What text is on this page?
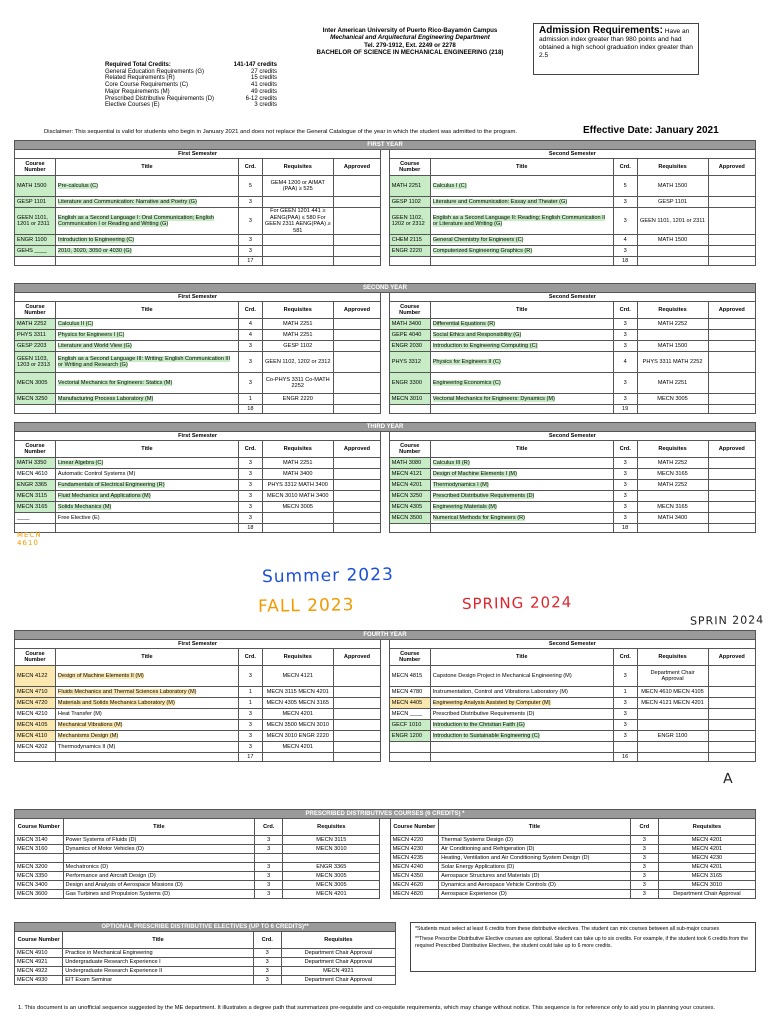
Inter American University of Puerto Rico-Bayamón Campus
Mechanical and Arquitectural Engineering Department
Tel. 279-1912, Ext. 2249 or 2278
BACHELOR OF SCIENCE IN MECHANICAL ENGINEERING (218)
Admission Requirements: Have an admission index greater than 980 points and had obtained a high school graduation index greater than 2.5
Required Total Credits:	141-147 credits
General Education Requirements (G)	27 credits
Related Requirements (R)	15 credits
Core Course Requirements (C)	41 credits
Major Requirements (M)	49 credits
Prescribed Distributive Requirements (D)	6-12 credits
Elective Courses (E)	3 credits
Disclaimer: This sequential is valid for students who begin in January 2021 and does not replace the General Catalogue of the year in which the student was admitted to the program.	Effective Date: January 2021
FIRST YEAR										
First Semester						Second Semester				
Course Number	Title	Crd.	Requisites	Approved		Course Number	Title	Crd.	Requisites	Approved
MATH 1500	Pre-calculus (C)	5	GEM4 1200 or AIMAT (PAA) ≥ 525			MATH 2251	Calculus I (C)	5	MATH 1500	
GESP 1101	Literature and Communication: Narrative and Poetry (G)	3				GESP 1102	Literature and Communication: Essay and Theater (G)	3	GESP 1101	
GEEN 1101, 1201 or 2311	English as a Second Language I: Oral Communication; English Communication I or Reading and Writing (G)	3	For GEEN 1201 441 ≥ AENG(PAA) ≤ 580 For GEEN 2311 AENG(PAA) ≥ 581			GEEN 1102, 1202 or 2312	English as a Second Language II: Reading; English Communication II or Literature and Writing (G)	3	GEEN 1101, 1201 or 2311	
ENGR 1100	Introduction to Engineering (C)	3				CHEM 2115	General Chemistry for Engineers (C)	4	MATH 1500	
GEHS ____	2010, 3020, 3050 or 4030 (G)	3				ENGR 2220	Computerized Engineering Graphics (R)	3		
		17						18		
SECOND YEAR										
First Semester						Second Semester				
Course Number	Title	Crd.	Requisites	Approved		Course Number	Title	Crd.	Requisites	Approved
MATH 2252	Calculus II (C)	4	MATH 2251			MATH 3400	Differential Equations (R)	3	MATH 2252	
PHYS 3311	Physics for Engineers I (C)	4	MATH 2251			GEPE 4040	Social Ethics and Responsibility (G)	3		
GESP 2203	Literature and World View (G)	3	GESP 1102			ENGR 2030	Introduction to Engineering Computing (C)	3	MATH 1500	
GEEN 1103, 1203 or 2313	English as a Second Language III: Writing; English Communication III or Writing and Research (G)	3	GEEN 1102, 1202 or 2312			PHYS 3312	Physics for Engineers II (C)	4	PHYS 3311 MATH 2252	
MECN 3005	Vectorial Mechanics for Engineers: Statics (M)	3	Co-PHYS 3311 Co-MATH 2252			ENGR 3300	Engineering Economics (C)	3	MATH 2251	
MECN 3250	Manufacturing Process Laboratory (M)	1	ENGR 2220			MECN 3010	Vectorial Mechanics for Engineers: Dynamics (M)	3	MECN 3005	
		18						19		
THIRD YEAR										
First Semester						Second Semester				
Course Number	Title	Crd.	Requisites	Approved		Course Number	Title	Crd.	Requisites	Approved
MATH 3350	Linear Algebra (C)	3	MATH 2251			MATH 3080	Calculus III (R)	3	MATH 2252	
MECN 4610	Automatic Control Systems (M)	3	MATH 3400			MECN 4121	Design of Machine Elements I (M)	3	MECN 3165	
ENGR 3365	Fundamentals of Electrical Engineering (R)	3	PHYS 3312 MATH 3400			MECN 4201	Thermodynamics I (M)	3	MATH 2252	
MECN 3115	Fluid Mechanics and Applications (M)	3	MECN 3010 MATH 3400			MECN 3250	Prescribed Distributive Requirements (D)	3		
MECN 3165	Solids Mechanics (M)	3	MECN 3005			MECN 4305	Engineering Materials (M)	3	MECN 3165	
____	Free Elective (E)	3				MECN 3500	Numerical Methods for Engineers (R)	3	MATH 3400	
		18						18		
FOURTH YEAR										
First Semester						Second Semester				
Course Number	Title	Crd.	Requisites	Approved		Course Number	Title	Crd.	Requisites	Approved
MECN 4122	Design of Machine Elements II (M)	3	MECN 4121			MECN 4815	Capstone Design Project in Mechanical Engineering (M)	3	Department Chair Approval	
MECN 4710	Fluids Mechanics and Thermal Sciences Laboratory (M)	1	MECN 3115 MECN 4201			MECN 4780	Instrumentation, Control and Vibrations Laboratory (M)	1	MECN 4610 MECN 4105	
MECN 4720	Materials and Solids Mechanics Laboratory (M)	1	MECN 4305 MECN 3165			MECN 4405	Engineering Analysis Assisted by Computer (M)	3	MECN 4121 MECN 4201	
MECN 4210	Heat Transfer (M)	3	MECN 4201			MECN ____	Prescribed Distributive Requirements (D)	3		
MECN 4105	Mechanical Vibrations (M)	3	MECN 3500 MECN 3010			GECF 1010	Introduction to the Christian Faith (G)	3		
MECN 4110	Mechanisms Design (M)	3	MECN 3010 ENGR 2220			ENGR 1200	Introduction to Sustainable Engineering (C)	3	ENGR 1100	
MECN 4202	Thermodynamics II (M)	3	MECN 4201							
		17						16		
Summer 2023
FALL 2023	SPRING 2024
SPRIN 2024
MECN 4610
A
PRESCRIBED DISTRIBUTIVES COURSES (6 CREDITS) *								
Course Number	Title	Crd.	Requisites		Course Number	Title	Crd	Requisites
MECN 3140	Power Systems of Fluids (D)	3	MECN 3115		MECN 4220	Thermal Systems Design (D)	3	MECN 4201
MECN 3160	Dynamics of Motor Vehicles (D)	3	MECN 3010		MECN 4230	Air Conditioning and Refrigeration (D)	3	MECN 4201
					MECN 4235	Heating, Ventilation and Air Conditioning System Design (D)	3	MECN 4230
MECN 3200	Mechatronics (D)	3	ENGR 3365		MECN 4240	Solar Energy Applications (D)	3	MECN 4201
MECN 3350	Performance and Aircraft Design (D)	3	MECN 3005		MECN 4350	Aerospace Structures and Materials (D)	3	MECN 3165
MECN 3400	Design and Analysis of Aerospace Missions (D)	3	MECN 3005		MECN 4620	Dynamics and Aerospace Vehicle Controls (D)	3	MECN 3010
MECN 3600	Gas Turbines and Propulsion Systems (D)	3	MECN 4201		MECN 4820	Aerospace Experience (D)	3	Department Chair Approval
OPTIONAL PRESCRIBE DISTRIBUTIVE ELECTIVES (UP TO 6 CREDITS)**			
Course Number	Title	Crd.	Requisites
MECN 4910	Practice in Mechanical Engineering	3	Department Chair Approval
MECN 4921	Undergraduate Research Experience I	3	Department Chair Approval
MECN 4922	Undergraduate Research Experience II	3	MECN 4921
MECN 4930	EIT Exam Seminar	3	Department Chair Approval
*Students must select at least 6 credits from these distributive electives. The student can mix courses between all sub-major courses
**These Prescribe Distributive Elective courses are optional. Student can take up to six credits. For example, if the student took 6 credits from the required Prescribed Distributive Electives, the student could take up to 6 more credits.
1. This document is an unofficial sequence suggested by the ME department. It illustrates a degree path that summarizes pre-requisite and co-requisite requirements, which may change without notice. This sequence is for reference only to aid you in planning your courses.
